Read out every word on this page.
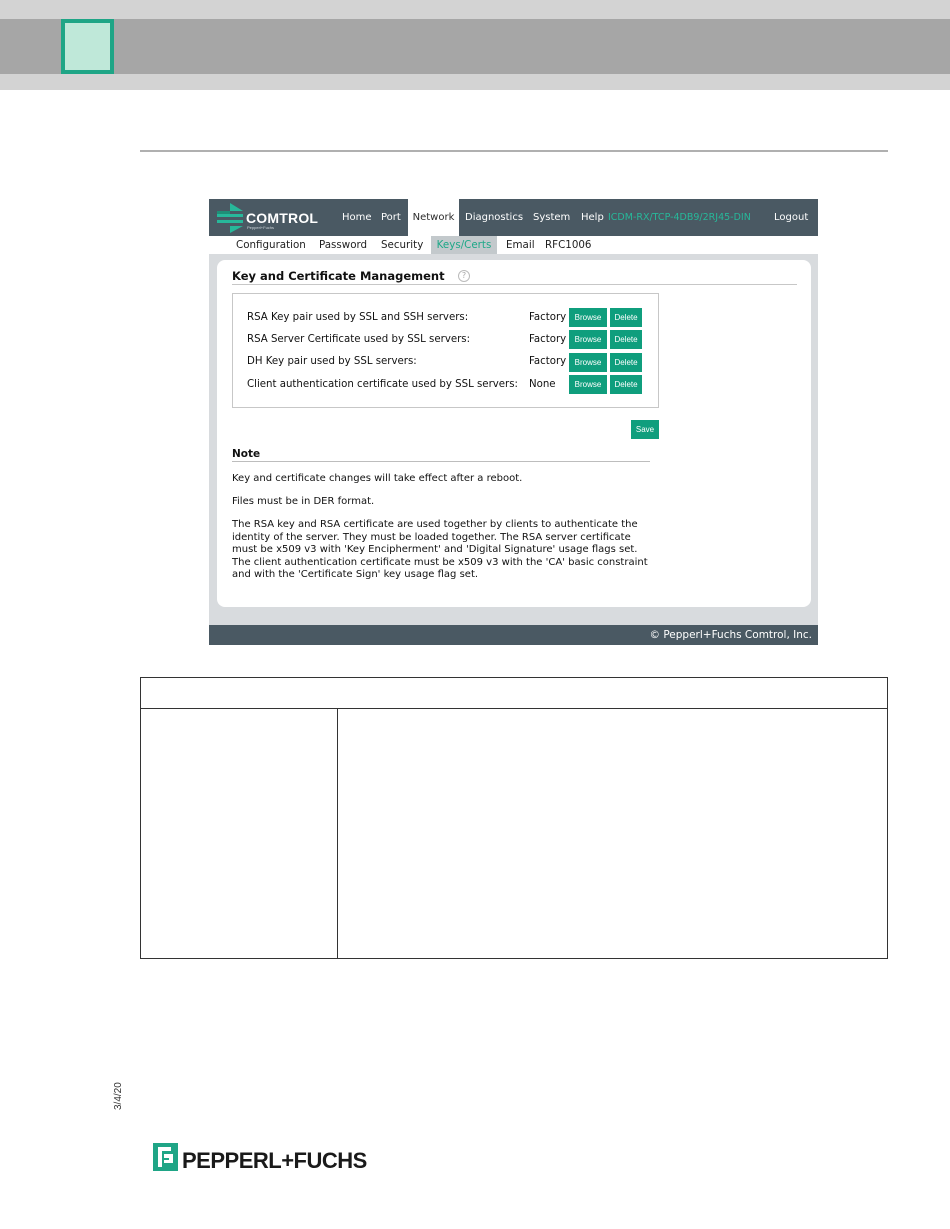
COMTROL
Pepperl+Fuchs
Home Port	Network	Diagnostics System Help ICDM-RX/TCP-4DB9/2RJ45-DIN Logout
Configuration Password Security	Keys/Certs	Email RFC1006
Key and Certificate Management	?
RSA Key pair used by SSL and SSH servers:	Factory	Browse	Delete
RSA Server Certificate used by SSL servers:	Factory	Browse	Delete
DH Key pair used by SSL servers:	Factory	Browse	Delete
Client authentication certificate used by SSL servers: None	Browse	Delete
Save
Note

Key and certificate changes will take effect after a reboot.

Files must be in DER format.

The RSA key and RSA certificate are used together by clients to authenticate the identity of the server. They must be loaded together. The RSA server certificate must be x509 v3 with 'Key Encipherment' and 'Digital Signature' usage flags set. The client authentication certificate must be x509 v3 with the 'CA' basic constraint and with the 'Certificate Sign' key usage flag set.

© Pepperl+Fuchs Comtrol, Inc.
3/4/20
PEPPERL+FUCHS
